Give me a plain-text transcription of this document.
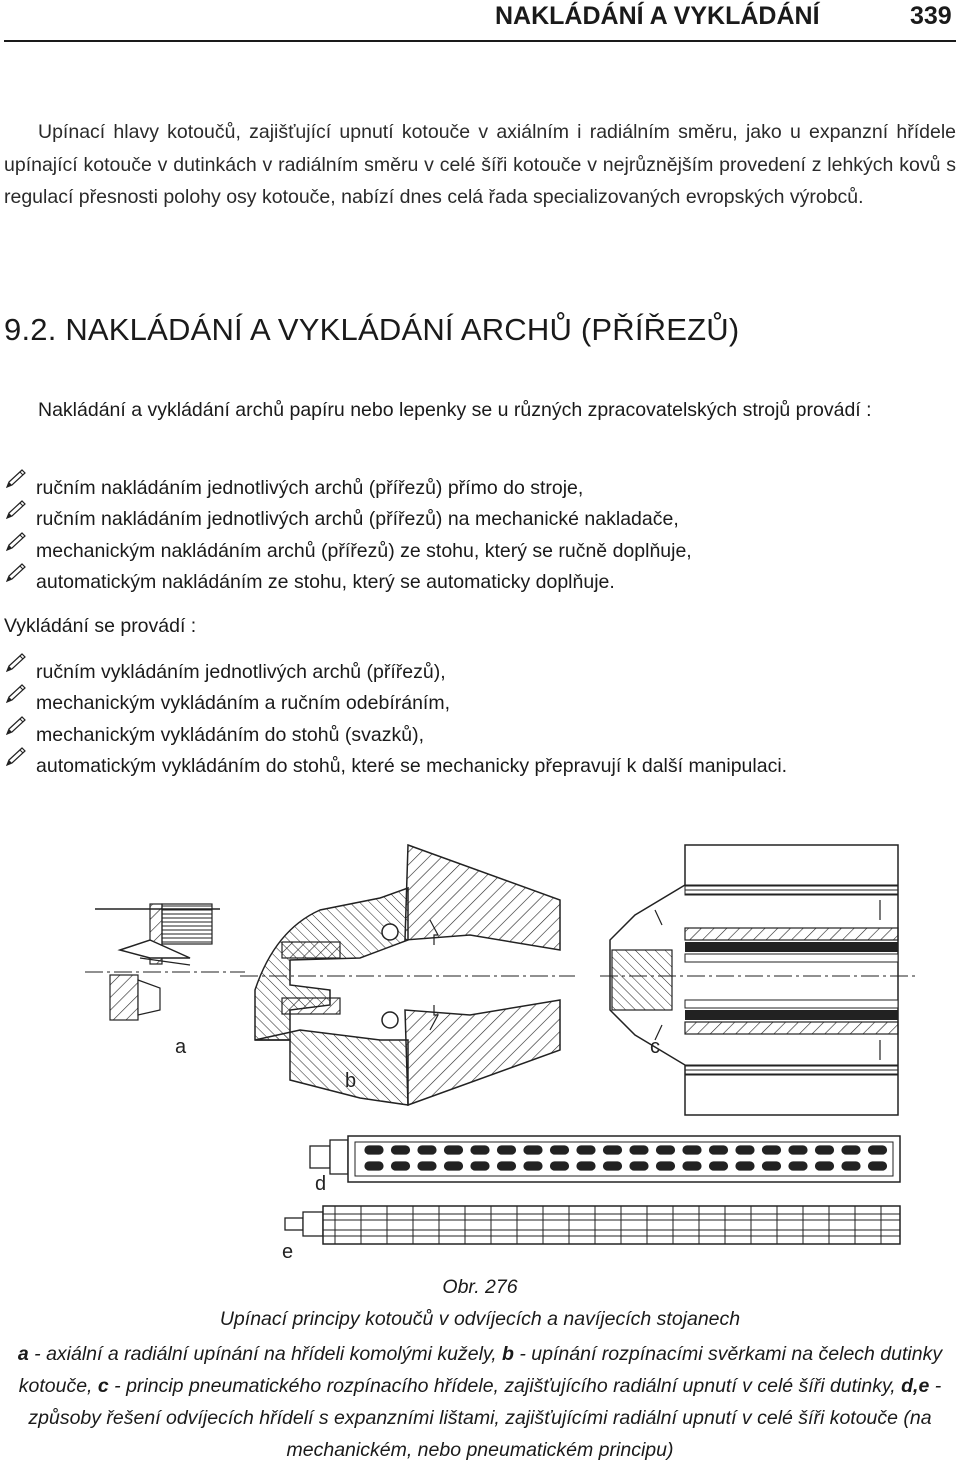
NAKLÁDÁNÍ A VYKLÁDÁNÍ	339

Upínací hlavy kotoučů, zajišťující upnutí kotouče v axiálním i radiálním směru, jako u expanzní hřídele upínající kotouče v dutinkách v radiálním směru v celé šíři kotouče v nejrůznějším provedení z lehkých kovů s regulací přesnosti polohy osy kotouče, nabízí dnes celá řada specializovaných evropských výrobců.

9.2. NAKLÁDÁNÍ A VYKLÁDÁNÍ ARCHŮ (PŘÍŘEZŮ)

Nakládání a vykládání archů papíru nebo lepenky se u různých zpracovatelských strojů provádí :

ručním nakládáním jednotlivých archů (přířezů) přímo do stroje,
ručním nakládáním jednotlivých archů (přířezů) na mechanické nakladače,
mechanickým nakládáním archů (přířezů) ze stohu, který se ručně doplňuje,
automatickým nakládáním ze stohu, který se automaticky doplňuje.
Vykládání se provádí :
ručním vykládáním jednotlivých archů (přířezů),
mechanickým vykládáním a ručním odebíráním,
mechanickým vykládáním do stohů (svazků),
automatickým vykládáním do stohů, které se mechanicky přepravují k další manipulaci.
a
b
c
d
e
Obr. 276
Upínací principy kotoučů v odvíjecích a navíjecích stojanech
a - axiální a radiální upínání na hřídeli komolými kužely, b - upínání rozpínacími svěrkami na čelech dutinky kotouče, c - princip pneumatického rozpínacího hřídele, zajišťujícího radiální upnutí v celé šíři dutinky, d,e -způsoby řešení odvíjecích hřídelí s expanzními lištami, zajišťujícími radiální upnutí v celé šíři kotouče (na mechanickém, nebo pneumatickém principu)
